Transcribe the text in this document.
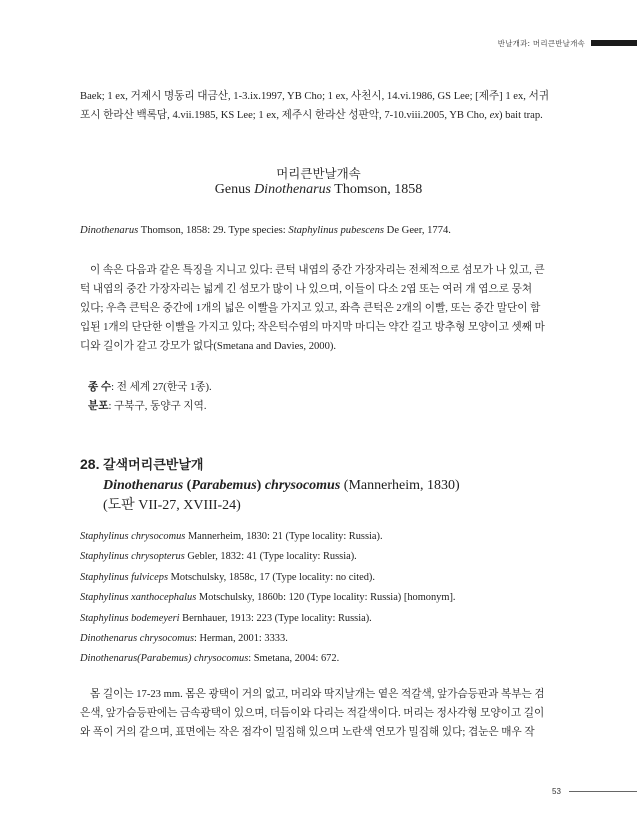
반날개과: 머리큰반날개속

Baek; 1 ex, 거제시 명동리 대금산, 1-3.ix.1997, YB Cho; 1 ex, 사천시, 14.vi.1986, GS Lee; [제주] 1 ex, 서귀

포시 한라산 백록담, 4.vii.1985, KS Lee; 1 ex, 제주시 한라산 성판악, 7-10.viii.2005, YB Cho, ex) bait trap.

머리큰반날개속
Genus Dinothenarus Thomson, 1858

Dinothenarus Thomson, 1858: 29. Type species: Staphylinus pubescens De Geer, 1774.

이 속은 다음과 같은 특징을 지니고 있다: 큰턱 내엽의 중간 가장자리는 전체적으로 섬모가 나 있고, 큰

턱 내엽의 중간 가장자리는 넓게 긴 섬모가 많이 나 있으며, 이들이 다소 2엽 또는 여러 개 엽으로 뭉쳐

있다; 우측 큰턱은 중간에 1개의 넓은 이빨을 가지고 있고, 좌측 큰턱은 2개의 이빨, 또는 중간 말단이 함

입된 1개의 단단한 이빨을 가지고 있다; 작은턱수염의 마지막 마디는 약간 길고 방추형 모양이고 셋째 마

디와 길이가 같고 강모가 없다(Smetana and Davies, 2000).

종 수: 전 세계 27(한국 1종).

분포: 구북구, 동양구 지역.

28. 갈색머리큰반날개
Dinothenarus (Parabemus) chrysocomus (Mannerheim, 1830)
(도판 VII-27, XVIII-24)

Staphylinus chrysocomus Mannerheim, 1830: 21 (Type locality: Russia).

Staphylinus chrysopterus Gebler, 1832: 41 (Type locality: Russia).

Staphylinus fulviceps Motschulsky, 1858c, 17 (Type locality: no cited).

Staphylinus xanthocephalus Motschulsky, 1860b: 120 (Type locality: Russia) [homonym].

Staphylinus bodemeyeri Bernhauer, 1913: 223 (Type locality: Russia).

Dinothenarus chrysocomus: Herman, 2001: 3333.

Dinothenarus(Parabemus) chrysocomus: Smetana, 2004: 672.

몸 길이는 17-23 mm. 몸은 광택이 거의 없고, 머리와 딱지날개는 옅은 적갈색, 앞가슴등판과 복부는 검

은색, 앞가슴등판에는 금속광택이 있으며, 더듬이와 다리는 적갈색이다. 머리는 정사각형 모양이고 길이

와 폭이 거의 같으며, 표면에는 작은 점각이 밀집해 있으며 노란색 연모가 밀집해 있다; 겹눈은 매우 작

53
